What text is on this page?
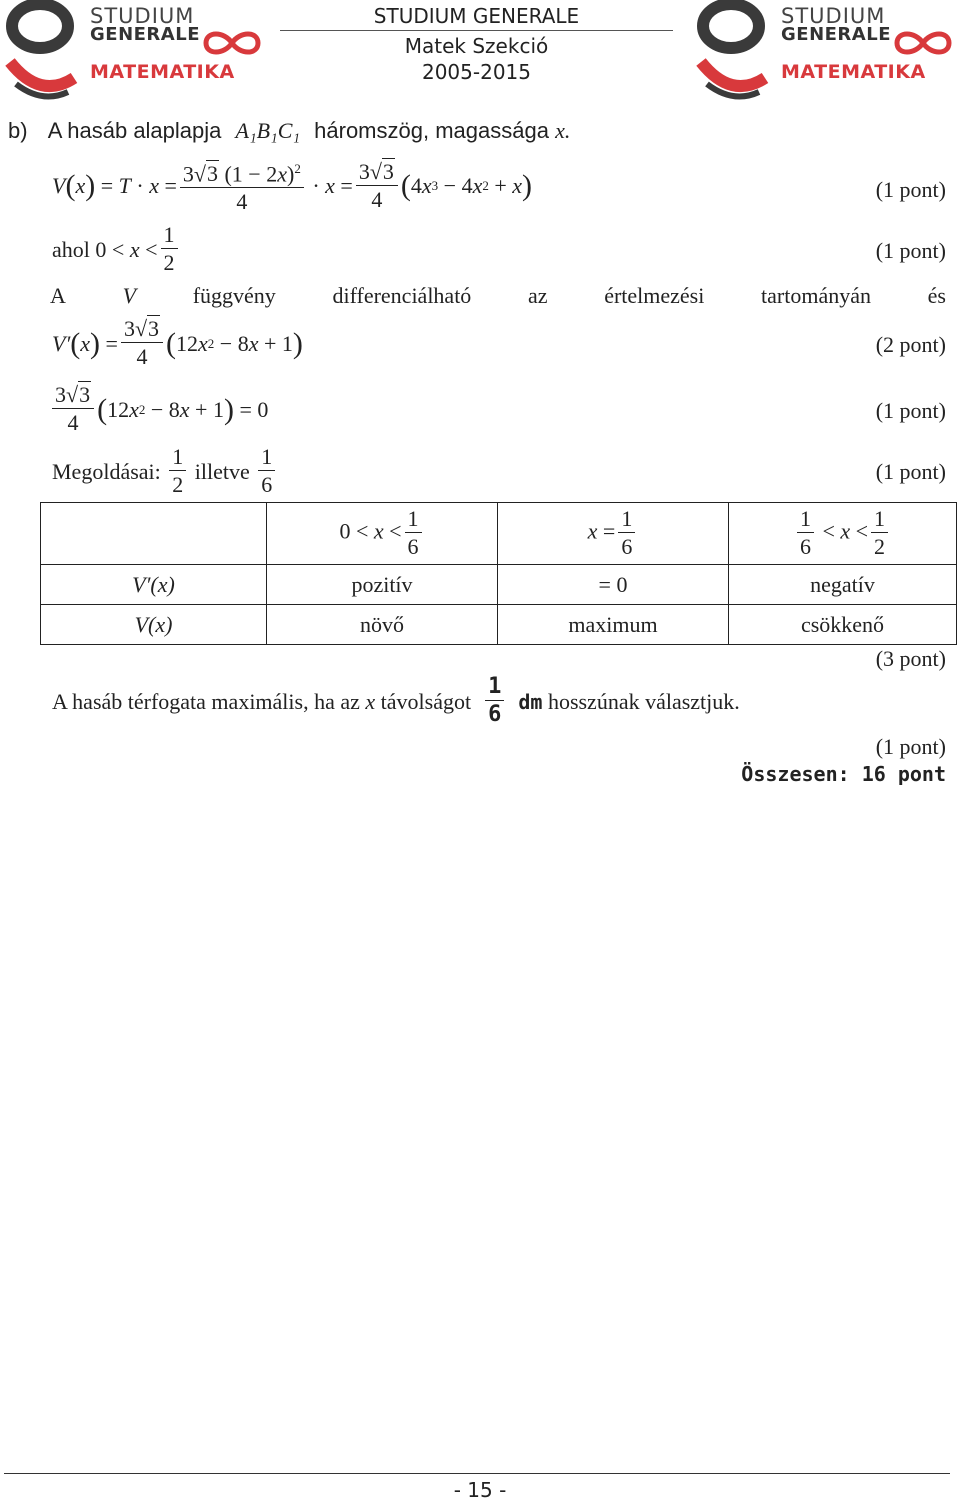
STUDIUM
GENERALE
MATEMATIKA
STUDIUM GENERALE
Matek Szekció
2005-2015
STUDIUM
GENERALE
MATEMATIKA
b) A hasáb alaplapja A₁B₁C₁ háromszög, magassága x.
V ( x ) = $T \cdot x = \frac{3√3 (1 - 2x)^2}{4} \cdot x = \frac{3√3}{4}$ ( 4 x 3 − 4 x 2 + x )	(1 pont)
ahol $0 < x < \frac{1}{2}$	(1 pont)
A	V	függvény	differenciálható	az	értelmezési	tartományán	és
V′ ( x ) = $\frac{3√3}{4}$ ( 12 x 2 − 8 x + 1 )	(2 pont)
$\frac{3√3}{4}$ ( 12 x 2 − 8 x + 1 ) = 0	(1 pont)
Megoldásai:
$\frac{1}{2}$
illetve
$\frac{1}{6}$	(1 pont)
	$0 < x < \frac{1}{6}$	$x = \frac{1}{6}$	$\frac{1}{6} < x < \frac{1}{2}$

V′(x)	pozitív	= 0	negatív
V(x)	növő	maximum	csökkenő
(3 pont)
A hasáb térfogata maximális, ha az
x
távolságot
$\frac{1}{6}$
dm
hosszúnak választjuk.
(1 pont)
Összesen: 16 pont
- 15 -
